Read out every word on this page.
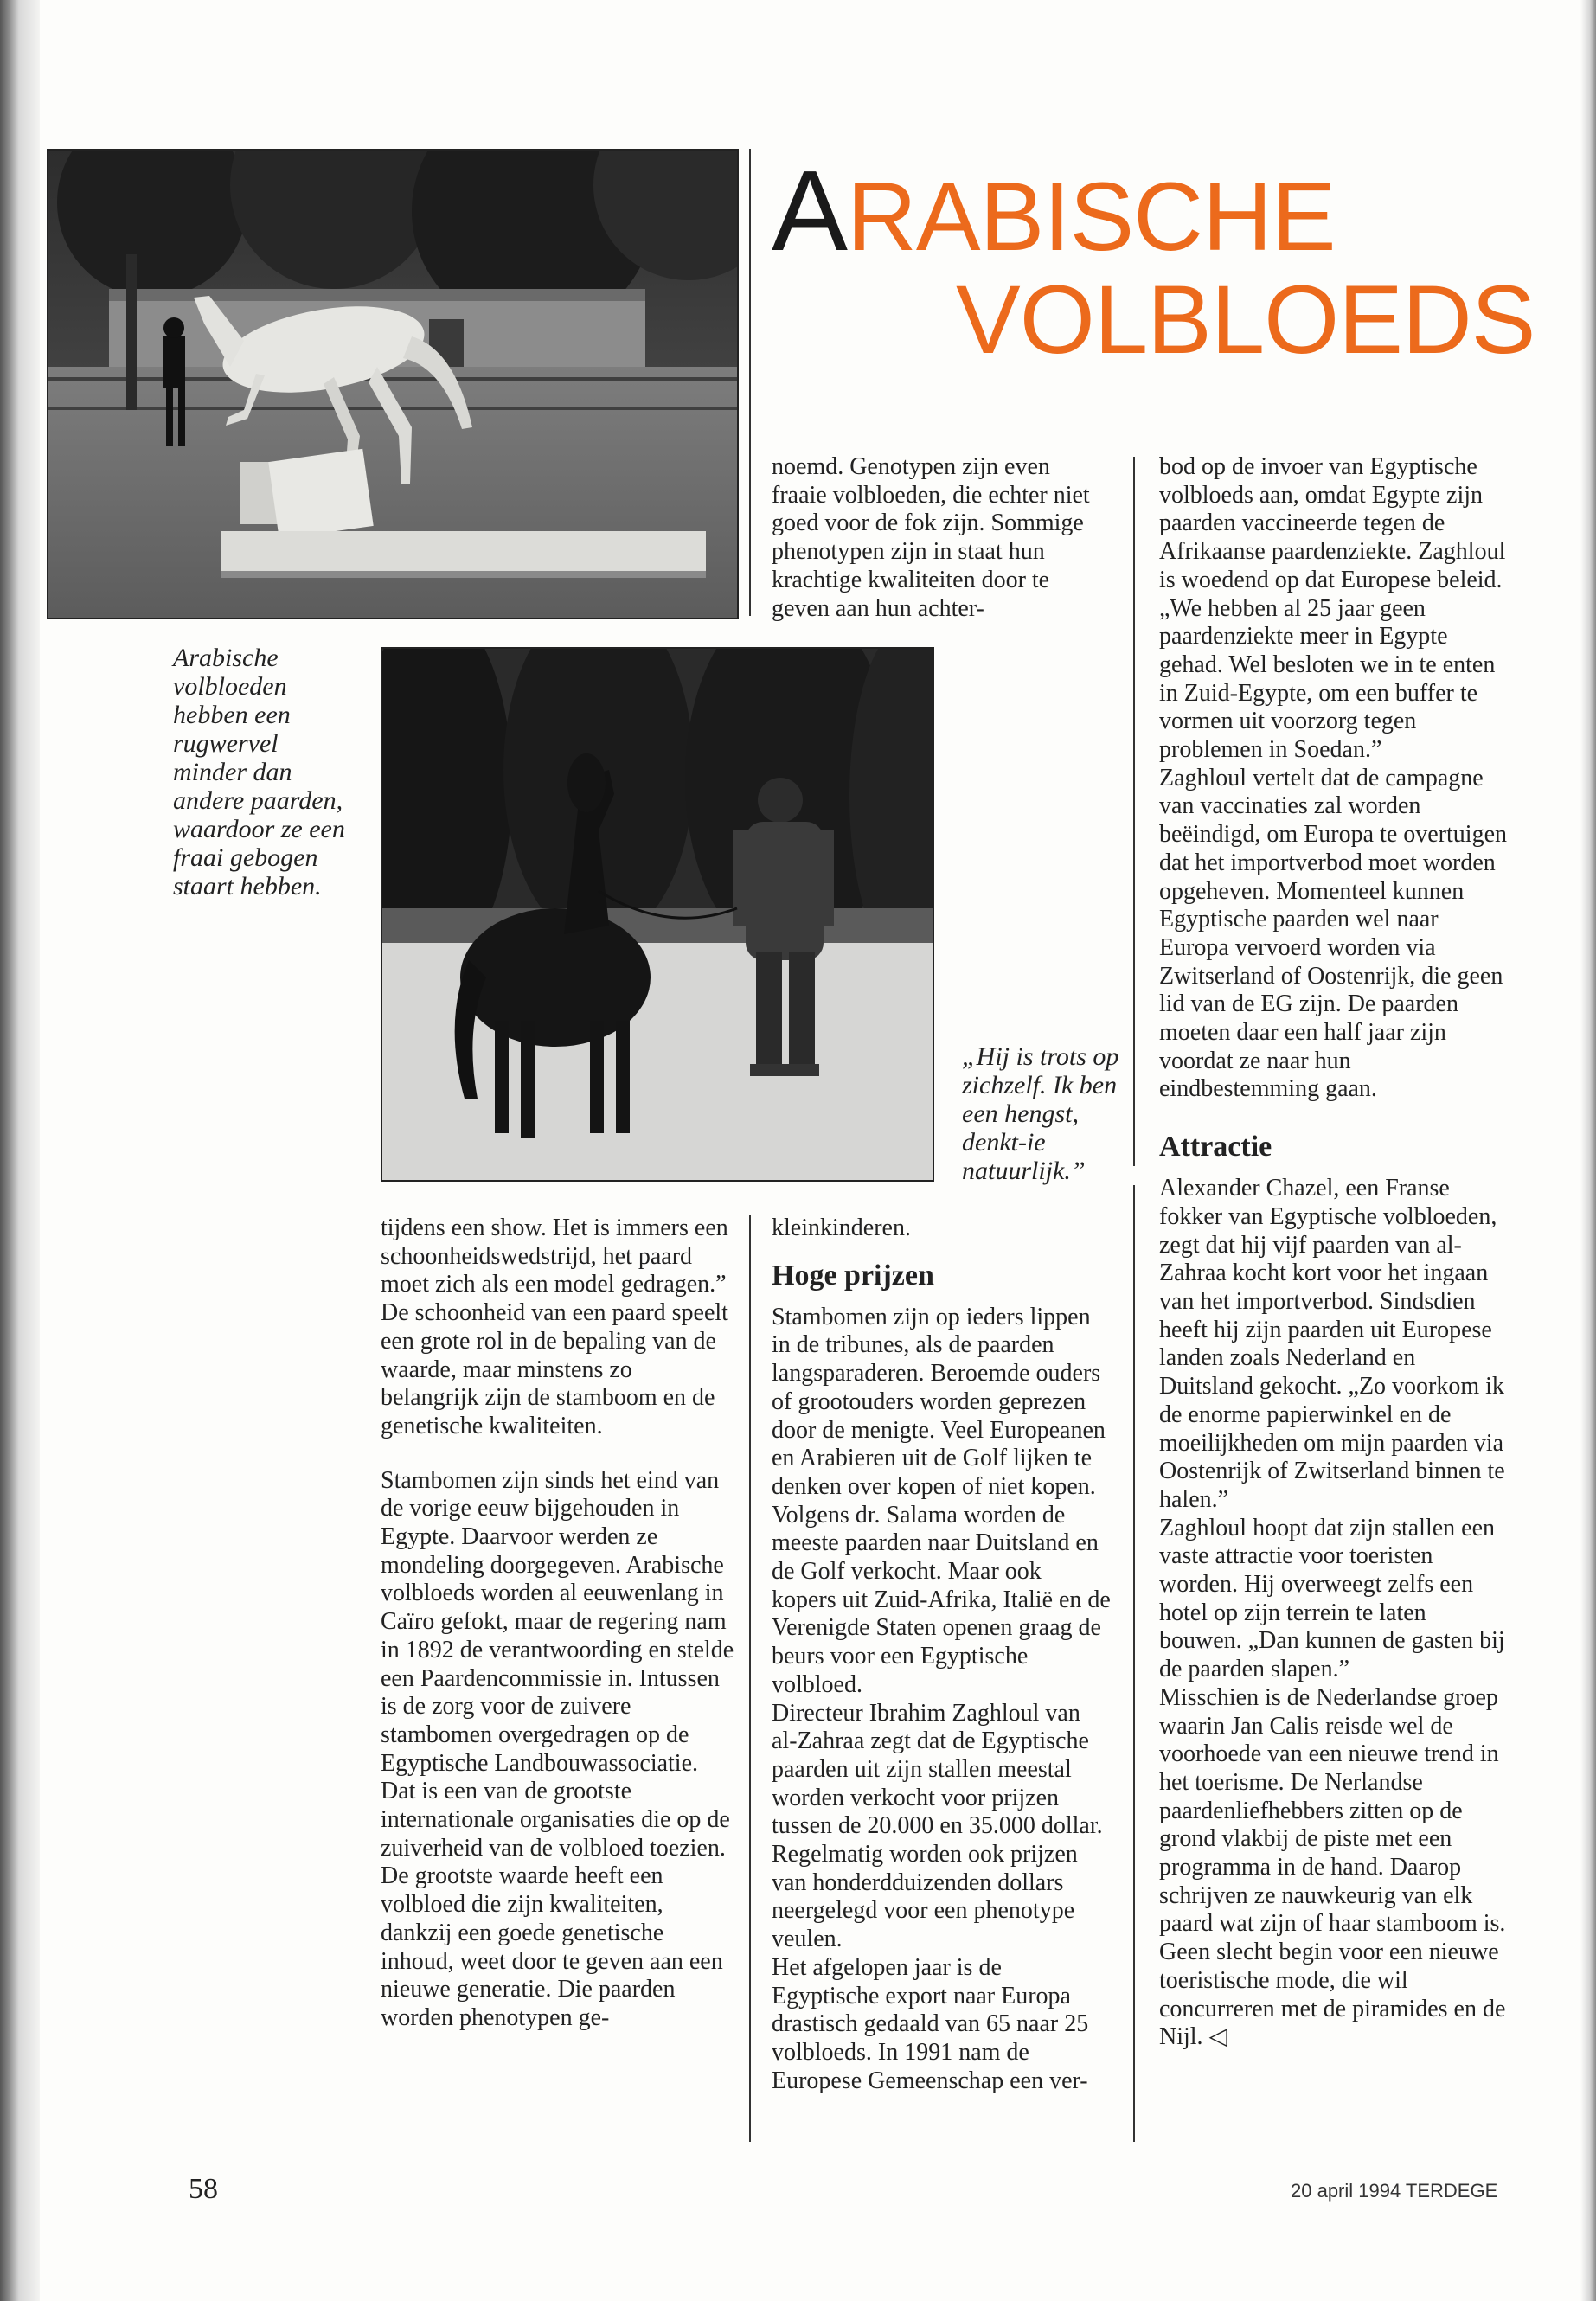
ARABISCHE
VOLBLOEDS
Arabische volbloeden hebben een rugwervel minder dan andere paarden, waardoor ze een fraai gebogen staart hebben.
„Hij is trots op zichzelf. Ik ben een hengst, denkt-ie natuurlijk.”

noemd. Genotypen zijn even fraaie volbloeden, die echter niet goed voor de fok zijn. Sommige phenotypen zijn in staat hun krachtige kwaliteiten door te geven aan hun achter-

bod op de invoer van Egyptische volbloeds aan, omdat Egypte zijn paarden vaccineerde tegen de Afrikaanse paardenziekte. Zaghloul is woedend op dat Europese beleid. „We hebben al 25 jaar geen paardenziekte meer in Egypte gehad. Wel besloten we in te enten in Zuid-Egypte, om een buffer te vormen uit voorzorg tegen problemen in Soedan.”

Zaghloul vertelt dat de campagne van vaccinaties zal worden beëindigd, om Europa te overtuigen dat het importverbod moet worden opgeheven. Momenteel kunnen Egyptische paarden wel naar Europa vervoerd worden via Zwitserland of Oostenrijk, die geen lid van de EG zijn. De paarden moeten daar een half jaar zijn voordat ze naar hun eindbestemming gaan.

Attractie

Alexander Chazel, een Franse fokker van Egyptische volbloeden, zegt dat hij vijf paarden van al-Zahraa kocht kort voor het ingaan van het importverbod. Sindsdien heeft hij zijn paarden uit Europese landen zoals Nederland en Duitsland gekocht. „Zo voorkom ik de enorme papierwinkel en de moeilijkheden om mijn paarden via Oostenrijk of Zwitserland binnen te halen.”

Zaghloul hoopt dat zijn stallen een vaste attractie voor toeristen worden. Hij overweegt zelfs een hotel op zijn terrein te laten bouwen. „Dan kunnen de gasten bij de paarden slapen.”

Misschien is de Nederlandse groep waarin Jan Calis reisde wel de voorhoede van een nieuwe trend in het toerisme. De Nerlandse paardenliefhebbers zitten op de grond vlakbij de piste met een programma in de hand. Daarop schrijven ze nauwkeurig van elk paard wat zijn of haar stamboom is. Geen slecht begin voor een nieuwe toeristische mode, die wil concurreren met de piramides en de Nijl. ◁

tijdens een show. Het is immers een schoonheidswedstrijd, het paard moet zich als een model gedragen.”

De schoonheid van een paard speelt een grote rol in de bepaling van de waarde, maar minstens zo belangrijk zijn de stamboom en de genetische kwaliteiten.

Stambomen zijn sinds het eind van de vorige eeuw bijgehouden in Egypte. Daarvoor werden ze mondeling doorgegeven. Arabische volbloeds worden al eeuwenlang in Caïro gefokt, maar de regering nam in 1892 de verantwoording en stelde een Paardencommissie in. Intussen is de zorg voor de zuivere stambomen overgedragen op de Egyptische Landbouwassociatie. Dat is een van de grootste internationale organisaties die op de zuiverheid van de volbloed toezien.

De grootste waarde heeft een volbloed die zijn kwaliteiten, dankzij een goede genetische inhoud, weet door te geven aan een nieuwe generatie. Die paarden worden phenotypen ge-

kleinkinderen.

Hoge prijzen

Stambomen zijn op ieders lippen in de tribunes, als de paarden langsparaderen. Beroemde ouders of grootouders worden geprezen door de menigte. Veel Europeanen en Arabieren uit de Golf lijken te denken over kopen of niet kopen.

Volgens dr. Salama worden de meeste paarden naar Duitsland en de Golf verkocht. Maar ook kopers uit Zuid-Afrika, Italië en de Verenigde Staten openen graag de beurs voor een Egyptische volbloed.

Directeur Ibrahim Zaghloul van al-Zahraa zegt dat de Egyptische paarden uit zijn stallen meestal worden verkocht voor prijzen tussen de 20.000 en 35.000 dollar. Regelmatig worden ook prijzen van honderdduizenden dollars neergelegd voor een phenotype veulen.

Het afgelopen jaar is de Egyptische export naar Europa drastisch gedaald van 65 naar 25 volbloeds. In 1991 nam de Europese Gemeenschap een ver-

58	20 april 1994 TERDEGE
